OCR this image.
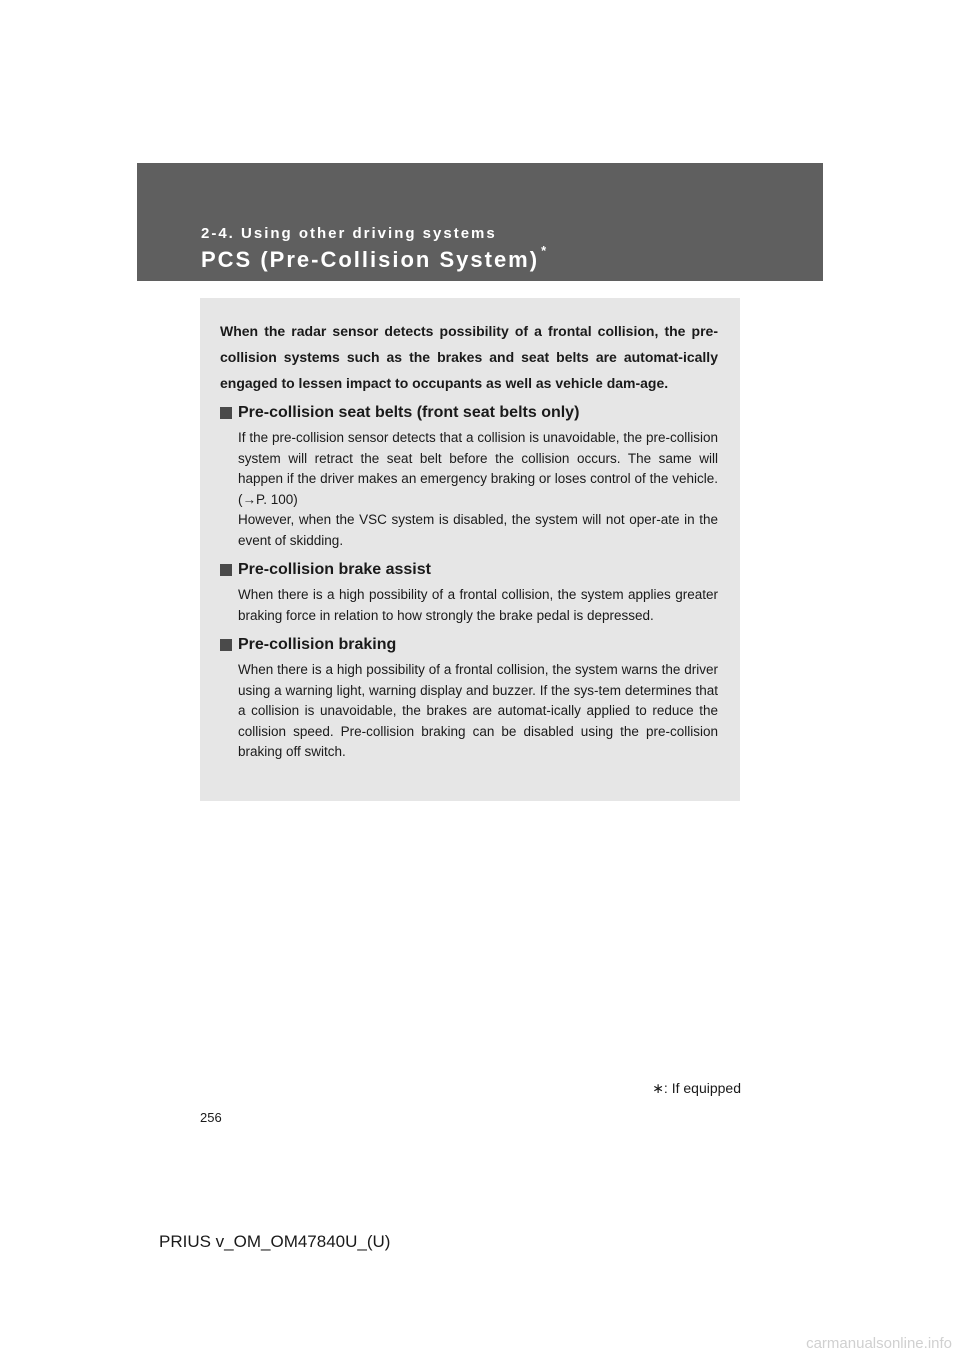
2-4. Using other driving systems
PCS (Pre-Collision System) *

When the radar sensor detects possibility of a frontal collision, the pre-collision systems such as the brakes and seat belts are automat-ically engaged to lessen impact to occupants as well as vehicle dam-age.

Pre-collision seat belts (front seat belts only)

If the pre-collision sensor detects that a collision is unavoidable, the pre-collision system will retract the seat belt before the collision occurs. The same will happen if the driver makes an emergency braking or loses control of the vehicle. (→P. 100)

However, when the VSC system is disabled, the system will not oper-ate in the event of skidding.

Pre-collision brake assist

When there is a high possibility of a frontal collision, the system applies greater braking force in relation to how strongly the brake pedal is depressed.

Pre-collision braking

When there is a high possibility of a frontal collision, the system warns the driver using a warning light, warning display and buzzer. If the sys-tem determines that a collision is unavoidable, the brakes are automat-ically applied to reduce the collision speed. Pre-collision braking can be disabled using the pre-collision braking off switch.

∗: If equipped
256
PRIUS v_OM_OM47840U_(U)
carmanualsonline.info
